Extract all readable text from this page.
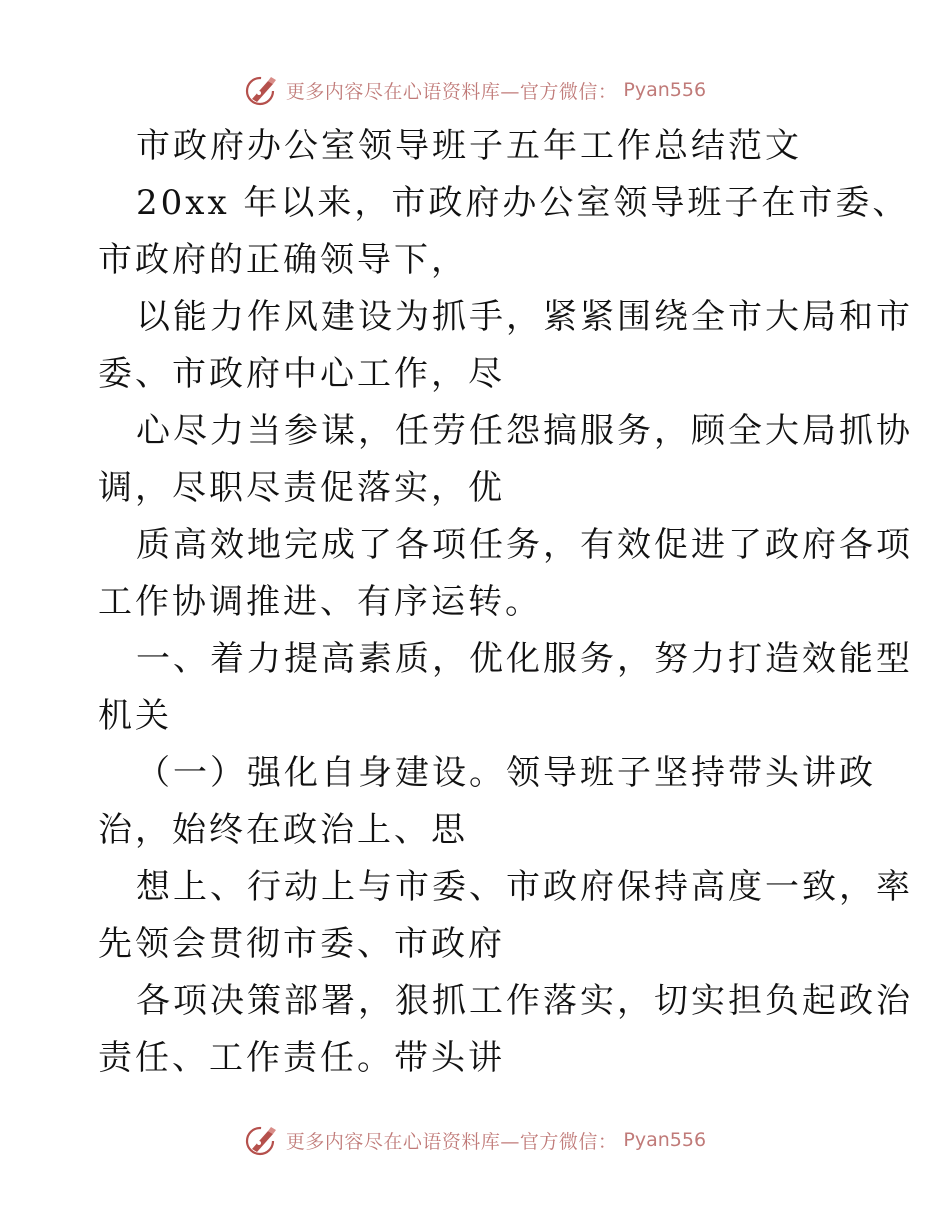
更多内容尽在心语资料库—官方微信： Pyan556
市政府办公室领导班子五年工作总结范文
20xx 年以来，市政府办公室领导班子在市委、
市政府的正确领导下，
以能力作风建设为抓手，紧紧围绕全市大局和市
委、市政府中心工作，尽
心尽力当参谋，任劳任怨搞服务，顾全大局抓协
调，尽职尽责促落实，优
质高效地完成了各项任务，有效促进了政府各项
工作协调推进、有序运转。
一、着力提高素质，优化服务，努力打造效能型
机关
（一）强化自身建设。领导班子坚持带头讲政
治，始终在政治上、思
想上、行动上与市委、市政府保持高度一致，率
先领会贯彻市委、市政府
各项决策部署，狠抓工作落实，切实担负起政治
责任、工作责任。带头讲
更多内容尽在心语资料库—官方微信： Pyan556
